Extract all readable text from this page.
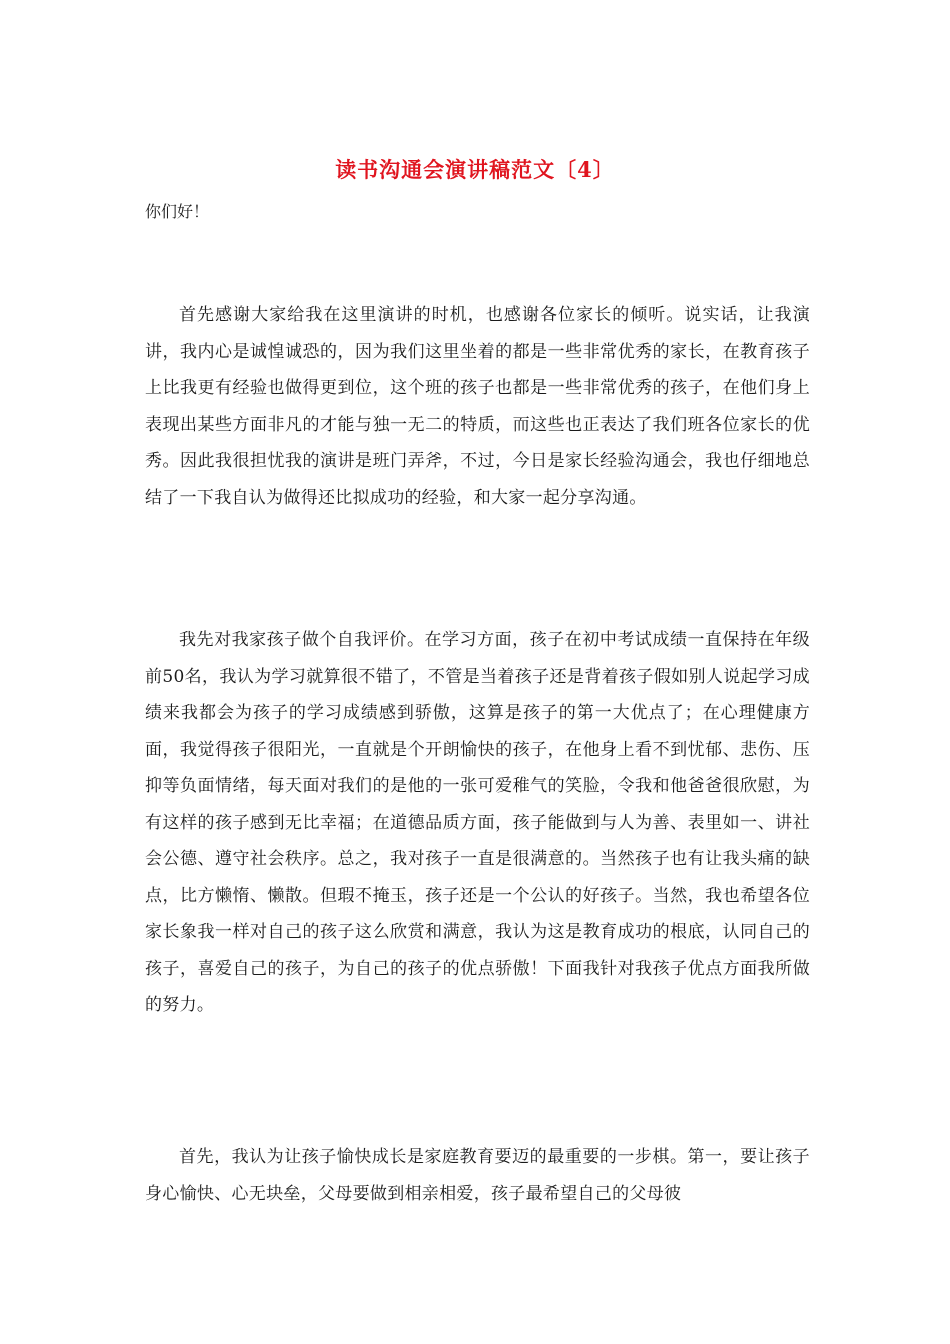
读书沟通会演讲稿范文〔4〕

你们好！

首先感谢大家给我在这里演讲的时机，也感谢各位家长的倾听。说实话，让我演讲，我内心是诚惶诚恐的，因为我们这里坐着的都是一些非常优秀的家长，在教育孩子上比我更有经验也做得更到位，这个班的孩子也都是一些非常优秀的孩子，在他们身上表现出某些方面非凡的才能与独一无二的特质，而这些也正表达了我们班各位家长的优秀。因此我很担忧我的演讲是班门弄斧，不过，今日是家长经验沟通会，我也仔细地总结了一下我自认为做得还比拟成功的经验，和大家一起分享沟通。

我先对我家孩子做个自我评价。在学习方面，孩子在初中考试成绩一直保持在年级前50名，我认为学习就算很不错了，不管是当着孩子还是背着孩子假如别人说起学习成绩来我都会为孩子的学习成绩感到骄傲，这算是孩子的第一大优点了；在心理健康方面，我觉得孩子很阳光，一直就是个开朗愉快的孩子，在他身上看不到忧郁、悲伤、压抑等负面情绪，每天面对我们的是他的一张可爱稚气的笑脸，令我和他爸爸很欣慰，为有这样的孩子感到无比幸福；在道德品质方面，孩子能做到与人为善、表里如一、讲社会公德、遵守社会秩序。总之，我对孩子一直是很满意的。当然孩子也有让我头痛的缺点，比方懒惰、懒散。但瑕不掩玉，孩子还是一个公认的好孩子。当然，我也希望各位家长象我一样对自己的孩子这么欣赏和满意，我认为这是教育成功的根底，认同自己的孩子，喜爱自己的孩子，为自己的孩子的优点骄傲！下面我针对我孩子优点方面我所做的努力。

首先，我认为让孩子愉快成长是家庭教育要迈的最重要的一步棋。第一，要让孩子身心愉快、心无块垒，父母要做到相亲相爱，孩子最希望自己的父母彼
